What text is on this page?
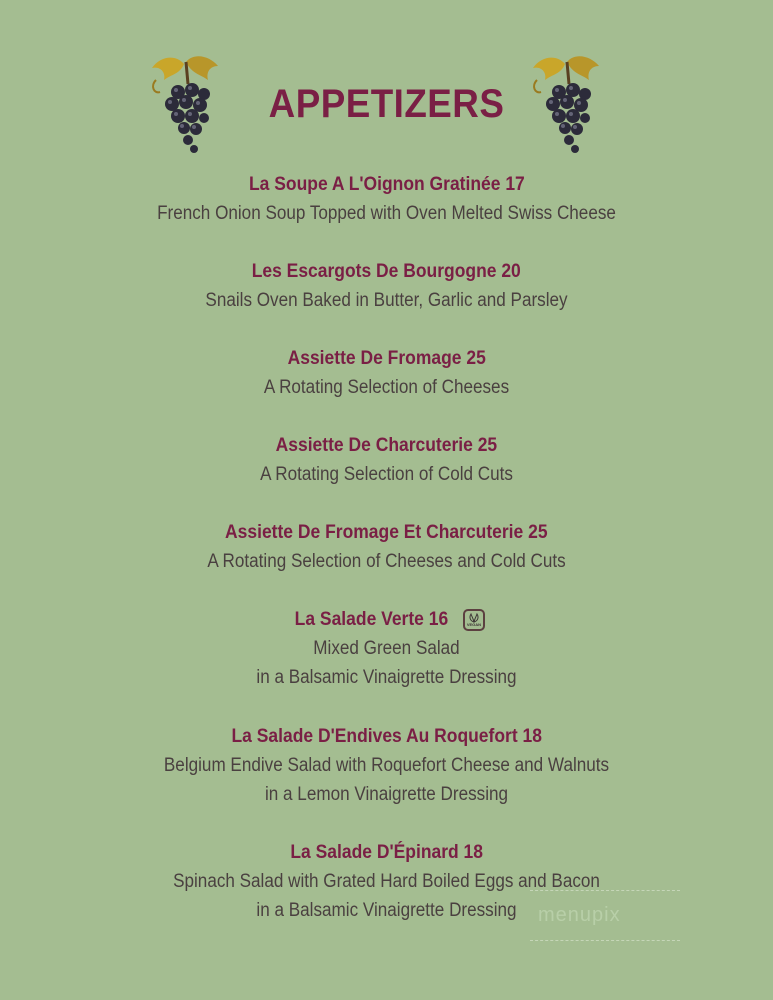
APPETIZERS
La Soupe A L'Oignon Gratinée 17
French Onion Soup Topped with Oven Melted Swiss Cheese
Les Escargots De Bourgogne 20
Snails Oven Baked in Butter, Garlic and Parsley
Assiette De Fromage 25
A Rotating Selection of Cheeses
Assiette De Charcuterie 25
A Rotating Selection of Cold Cuts
Assiette De Fromage Et Charcuterie 25
A Rotating Selection of Cheeses and Cold Cuts
La Salade Verte 16	VEGAN
Mixed Green Salad
in a Balsamic Vinaigrette Dressing
La Salade D'Endives Au Roquefort 18
Belgium Endive Salad with Roquefort Cheese and Walnuts
in a Lemon Vinaigrette Dressing
La Salade D'Épinard 18
Spinach Salad with Grated Hard Boiled Eggs and Bacon
in a Balsamic Vinaigrette Dressing	menupix
